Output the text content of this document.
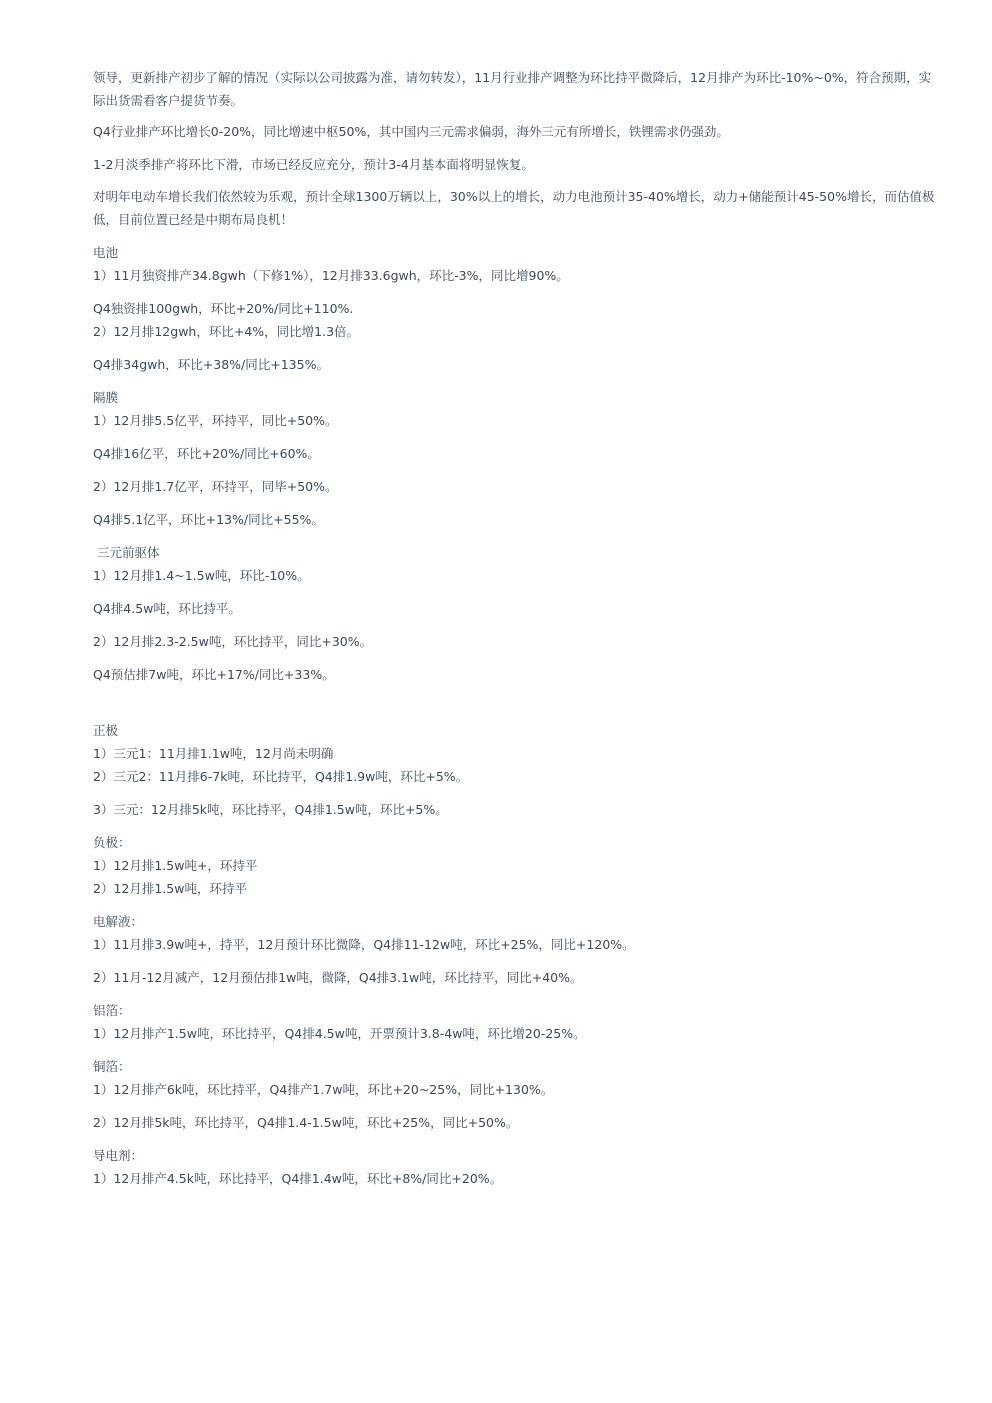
领导，更新排产初步了解的情况（实际以公司披露为准，请勿转发），11月行业排产调整为环比持平微降后，12月排产为环比-10%~0%，符合预期，实际出货需看客户提货节奏。

Q4行业排产环比增长0-20%，同比增速中枢50%，其中国内三元需求偏弱，海外三元有所增长，铁锂需求仍强劲。

1-2月淡季排产将环比下滑，市场已经反应充分，预计3-4月基本面将明显恢复。

对明年电动车增长我们依然较为乐观，预计全球1300万辆以上，30%以上的增长，动力电池预计35-40%增长，动力+储能预计45-50%增长，而估值极低，目前位置已经是中期布局良机！

电池

1）11月独资排产34.8gwh（下修1%），12月排33.6gwh，环比-3%，同比增90%。

Q4独资排100gwh，环比+20%/同比+110%.

2）12月排12gwh，环比+4%，同比增1.3倍。

Q4排34gwh，环比+38%/同比+135%。

隔膜

1）12月排5.5亿平，环持平，同比+50%。

Q4排16亿平，环比+20%/同比+60%。

2）12月排1.7亿平，环持平，同毕+50%。

Q4排5.1亿平，环比+13%/同比+55%。

三元前驱体

1）12月排1.4~1.5w吨，环比-10%。

Q4排4.5w吨，环比持平。

2）12月排2.3-2.5w吨，环比持平，同比+30%。

Q4预估排7w吨，环比+17%/同比+33%。

正极

1）三元1：11月排1.1w吨，12月尚未明确

2）三元2：11月排6-7k吨，环比持平，Q4排1.9w吨，环比+5%。

3）三元：12月排5k吨，环比持平，Q4排1.5w吨，环比+5%。

负极：

1）12月排1.5w吨+，环持平

2）12月排1.5w吨，环持平

电解液：

1）11月排3.9w吨+，持平，12月预计环比微降，Q4排11-12w吨，环比+25%，同比+120%。

2）11月-12月减产，12月预估排1w吨，微降，Q4排3.1w吨，环比持平，同比+40%。

铝箔：

1）12月排产1.5w吨，环比持平，Q4排4.5w吨，开票预计3.8-4w吨，环比增20-25%。

铜箔：

1）12月排产6k吨，环比持平，Q4排产1.7w吨，环比+20~25%，同比+130%。

2）12月排5k吨，环比持平，Q4排1.4-1.5w吨，环比+25%，同比+50%。

导电剂：

1）12月排产4.5k吨，环比持平，Q4排1.4w吨，环比+8%/同比+20%。
